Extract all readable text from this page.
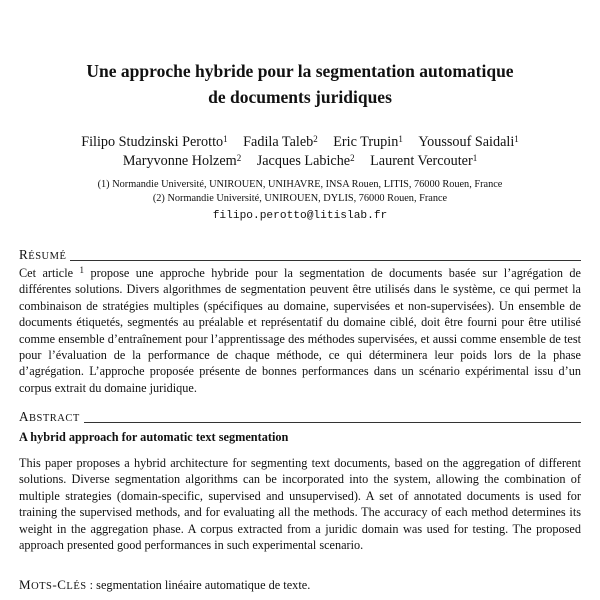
Une approche hybride pour la segmentation automatique
de documents juridiques
Filipo Studzinski Perotto$^1$ Fadila Taleb$^2$ Eric Trupin$^1$ Youssouf Saidali$^1$
Maryvonne Holzem$^2$ Jacques Labiche$^2$ Laurent Vercouter$^1$
(1) Normandie Université, UNIROUEN, UNIHAVRE, INSA Rouen, LITIS, 76000 Rouen, France
(2) Normandie Université, UNIROUEN, DYLIS, 76000 Rouen, France
filipo.perotto@litislab.fr
RÉSUMÉ
Cet article $^1$ propose une approche hybride pour la segmentation de documents basée sur l’agrégation de différentes solutions. Divers algorithmes de segmentation peuvent être utilisés dans le système, ce qui permet la combinaison de stratégies multiples (spécifiques au domaine, supervisées et non-supervisées). Un ensemble de documents étiquetés, segmentés au préalable et représentatif du domaine ciblé, doit être fourni pour être utilisé comme ensemble d’entraînement pour l’apprentissage des méthodes supervisées, et aussi comme ensemble de test pour l’évaluation de la performance de chaque méthode, ce qui déterminera leur poids lors de la phase d’agrégation. L’approche proposée présente de bonnes performances dans un scénario expérimental issu d’un corpus extrait du domaine juridique.
ABSTRACT
A hybrid approach for automatic text segmentation
This paper proposes a hybrid architecture for segmenting text documents, based on the aggregation of different solutions. Diverse segmentation algorithms can be incorporated into the system, allowing the combination of multiple strategies (domain-specific, supervised and unsupervised). A set of annotated documents is used for training the supervised methods, and for evaluating all the methods. The accuracy of each method determines its weight in the aggregation phase. A corpus extracted from a juridic domain was used for testing. The proposed approach presented good performances in such experimental scenario.
MOTS-CLÉS : segmentation linéaire automatique de texte.
